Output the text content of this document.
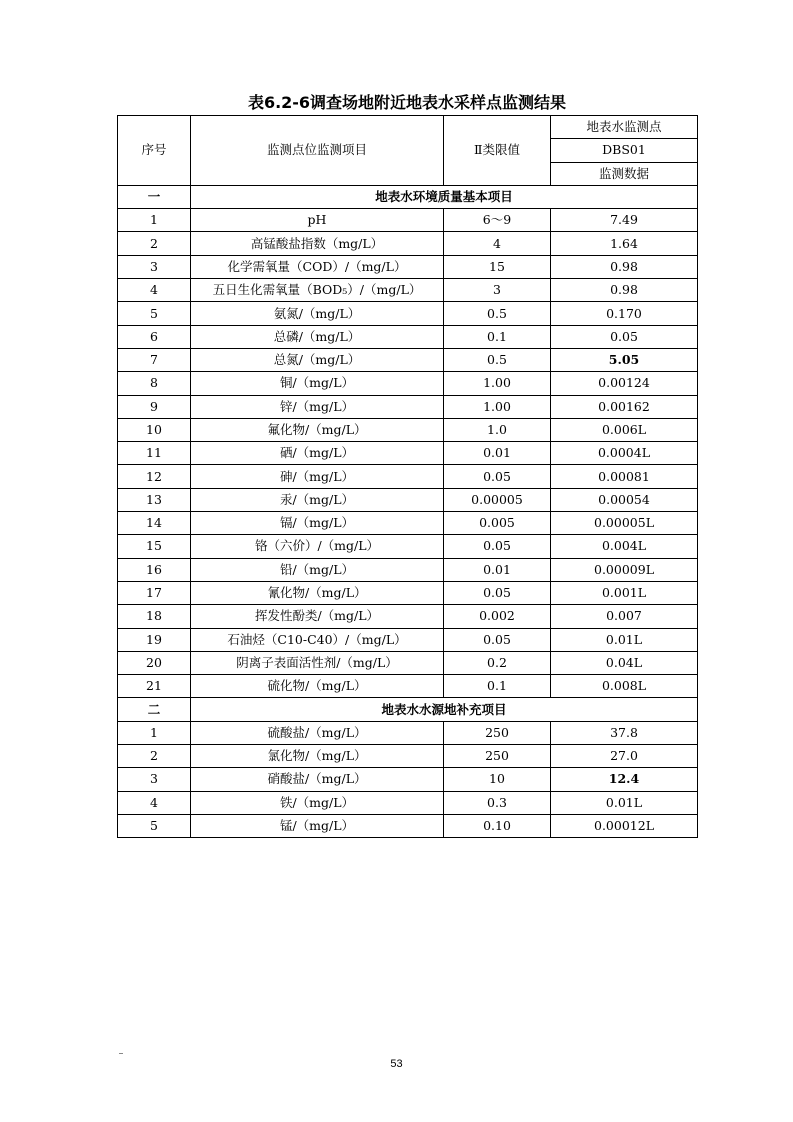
表6.2-6调查场地附近地表水采样点监测结果
序号	监测点位监测项目	Ⅱ类限值	地表水监测点
			DBS01
			监测数据
一	地表水环境质量基本项目		
1	pH	6～9	7.49
2	高锰酸盐指数（mg/L）	4	1.64
3	化学需氧量（COD）/（mg/L）	15	0.98
4	五日生化需氧量（BOD₅）/（mg/L）	3	0.98
5	氨氮/（mg/L）	0.5	0.170
6	总磷/（mg/L）	0.1	0.05
7	总氮/（mg/L）	0.5	5.05
8	铜/（mg/L）	1.00	0.00124
9	锌/（mg/L）	1.00	0.00162
10	氟化物/（mg/L）	1.0	0.006L
11	硒/（mg/L）	0.01	0.0004L
12	砷/（mg/L）	0.05	0.00081
13	汞/（mg/L）	0.00005	0.00054
14	镉/（mg/L）	0.005	0.00005L
15	铬（六价）/（mg/L）	0.05	0.004L
16	铅/（mg/L）	0.01	0.00009L
17	氰化物/（mg/L）	0.05	0.001L
18	挥发性酚类/（mg/L）	0.002	0.007
19	石油烃（C10-C40）/（mg/L）	0.05	0.01L
20	阴离子表面活性剂/（mg/L）	0.2	0.04L
21	硫化物/（mg/L）	0.1	0.008L
二	地表水水源地补充项目		
1	硫酸盐/（mg/L）	250	37.8
2	氯化物/（mg/L）	250	27.0
3	硝酸盐/（mg/L）	10	12.4
4	铁/（mg/L）	0.3	0.01L
5	锰/（mg/L）	0.10	0.00012L
53
